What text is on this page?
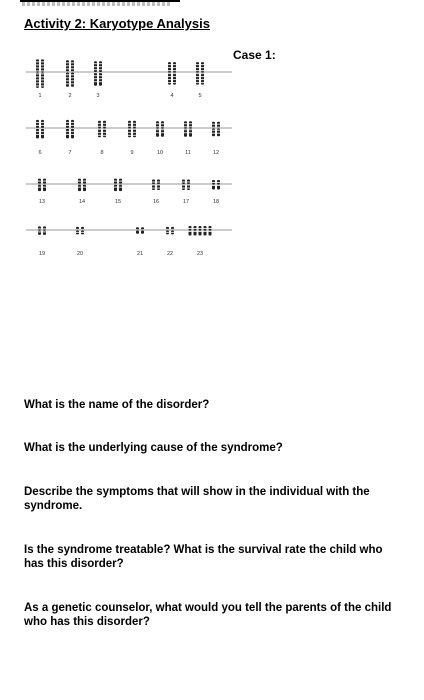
Activity 2: Karyotype Analysis
Case 1:
1	2	3	4	5
6	7	8	9	10	11	12
13	14	15	16	17	18
19	20	21	22	23

What is the name of the disorder?

What is the underlying cause of the syndrome?

Describe the symptoms that will show in the individual with the syndrome.

Is the syndrome treatable? What is the survival rate the child who has this disorder?

As a genetic counselor, what would you tell the parents of the child who has this disorder?
